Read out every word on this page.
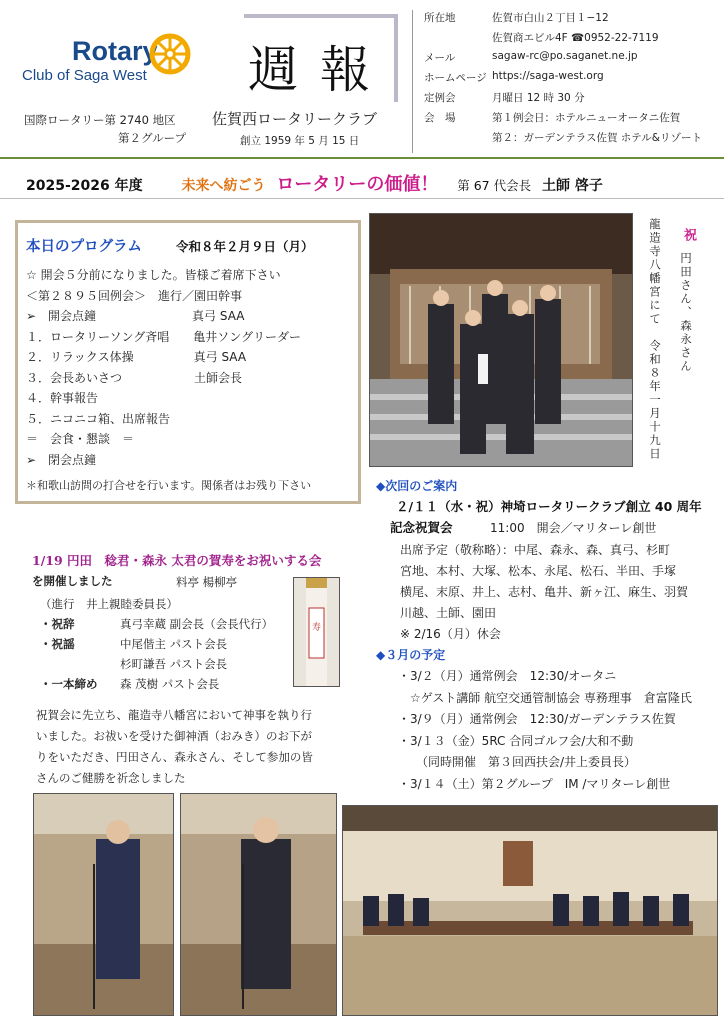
Rotary
Club of Saga West 週報
国際ロータリー第 2740 地区
第２グループ
佐賀西ロータリークラブ
創立 1959 年 5 月 15 日
所在地	佐賀市白山２丁目１−12
佐賀商エビル4F ☎0952-22-7119
メール	sagaw-rc@po.saganet.ne.jp
ホームページ https://saga-west.org
定例会	月曜日 12 時 30 分
会　場	第１例会日：ホテルニューオータニ佐賀
第２：ガーデンテラス佐賀 ホテル&リゾート
2025-2026 年度	未来へ紡ごう ロータリーの価値！ 第 67 代会長 土師 啓子
本日のプログラム	令和８年２月９日（月）
☆ 開会５分前になりました。皆様ご着席下さい
＜第２８９５回例会＞　進行／園田幹事
➢　開会点鐘　　　　　　　　真弓 SAA
１．ロータリーソング斉唱　　亀井ソングリーダー
２．リラックス体操　　　　　真弓 SAA
３．会長あいさつ　　　　　　土師会長
４．幹事報告
５．ニコニコ箱、出席報告
＝　会食・懇談　＝
➢　閉会点鐘
＊和歌山訪問の打合せを行います。関係者はお残り下さい
祝
円田さん、森永さん
龍造寺八幡宮にて　令和８年一月十九日
◆次回のご案内
２/１１（水・祝）神埼ロータリークラブ創立 40 周年
記念祝賀会	11:00　開会／マリターレ創世
出席予定（敬称略）：中尾、森永、森、真弓、杉町
宮地、本村、大塚、松本、永尾、松石、半田、手塚
横尾、末原、井上、志村、亀井、新ヶ江、麻生、羽賀
川越、土師、園田
※ 2/16（月）休会
◆３月の予定
・3/２（月）通常例会　12:30/オータニ
　☆ゲスト講師 航空交通管制協会 専務理事　倉富隆氏
・3/９（月）通常例会　12:30/ガーデンテラス佐賀
・3/１３（金）5RC 合同ゴルフ会/大和不動
　　（同時開催　第３回西扶会/井上委員長）
・3/１４（土）第２グループ　IM /マリターレ創世
1/19 円田　稔君・森永 太君の賀寿をお祝いする会
を開催しました	料亭 楊柳亭
（進行　井上親睦委員長）
・祝辞	真弓幸蔵 副会長（会長代行）
・祝謡	中尾偕主 パスト会長
杉町謙吾 パスト会長
・一本締め 森 茂樹 パスト会長
寿
祝賀会に先立ち、龍造寺八幡宮において神事を執り行
いました。お祓いを受けた御神酒（おみき）のお下が
りをいただき、円田さん、森永さん、そして参加の皆
さんのご健勝を祈念しました
